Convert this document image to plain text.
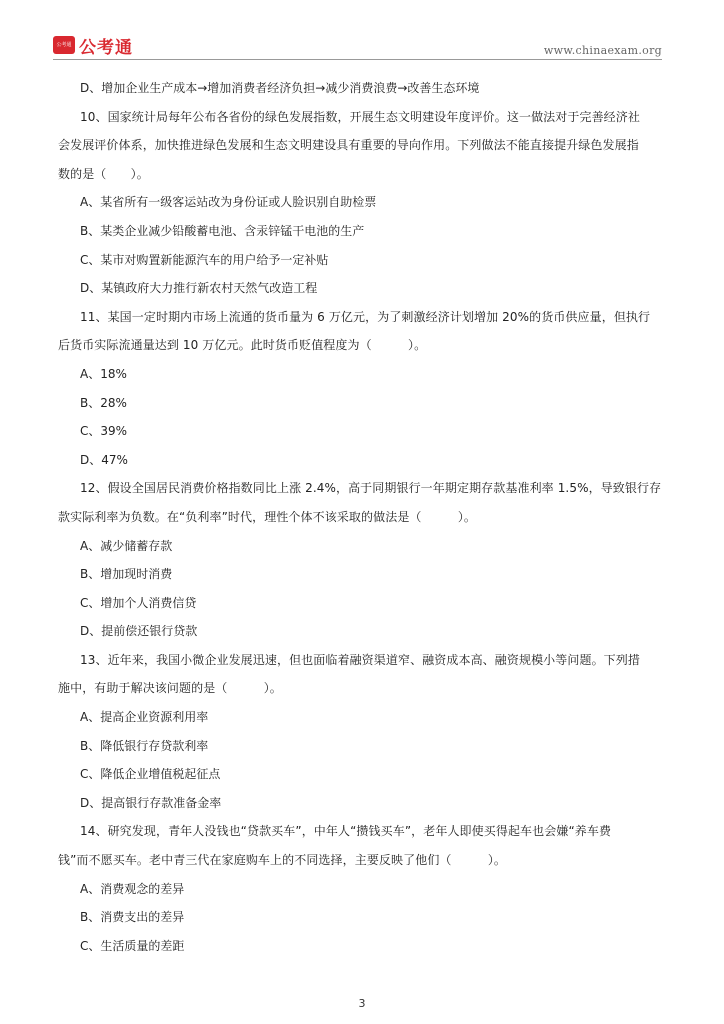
公考通 公考通	www.chinaexam.org
D、增加企业生产成本→增加消费者经济负担→减少消费浪费→改善生态环境
10、国家统计局每年公布各省份的绿色发展指数，开展生态文明建设年度评价。这一做法对于完善经济社
会发展评价体系，加快推进绿色发展和生态文明建设具有重要的导向作用。下列做法不能直接提升绿色发展指
数的是（　　）。
A、某省所有一级客运站改为身份证或人脸识别自助检票
B、某类企业减少铅酸蓄电池、含汞锌锰干电池的生产
C、某市对购置新能源汽车的用户给予一定补贴
D、某镇政府大力推行新农村天然气改造工程
11、某国一定时期内市场上流通的货币量为 6 万亿元，为了刺激经济计划增加 20%的货币供应量，但执行
后货币实际流通量达到 10 万亿元。此时货币贬值程度为（　　　）。
A、18%
B、28%
C、39%
D、47%
12、假设全国居民消费价格指数同比上涨 2.4%，高于同期银行一年期定期存款基准利率 1.5%，导致银行存
款实际利率为负数。在“负利率”时代，理性个体不该采取的做法是（　　　）。
A、减少储蓄存款
B、增加现时消费
C、增加个人消费信贷
D、提前偿还银行贷款
13、近年来，我国小微企业发展迅速，但也面临着融资渠道窄、融资成本高、融资规模小等问题。下列措
施中，有助于解决该问题的是（　　　）。
A、提高企业资源利用率
B、降低银行存贷款利率
C、降低企业增值税起征点
D、提高银行存款准备金率
14、研究发现，青年人没钱也“贷款买车”，中年人“攒钱买车”，老年人即使买得起车也会嫌“养车费
钱”而不愿买车。老中青三代在家庭购车上的不同选择，主要反映了他们（　　　）。
A、消费观念的差异
B、消费支出的差异
C、生活质量的差距
3
